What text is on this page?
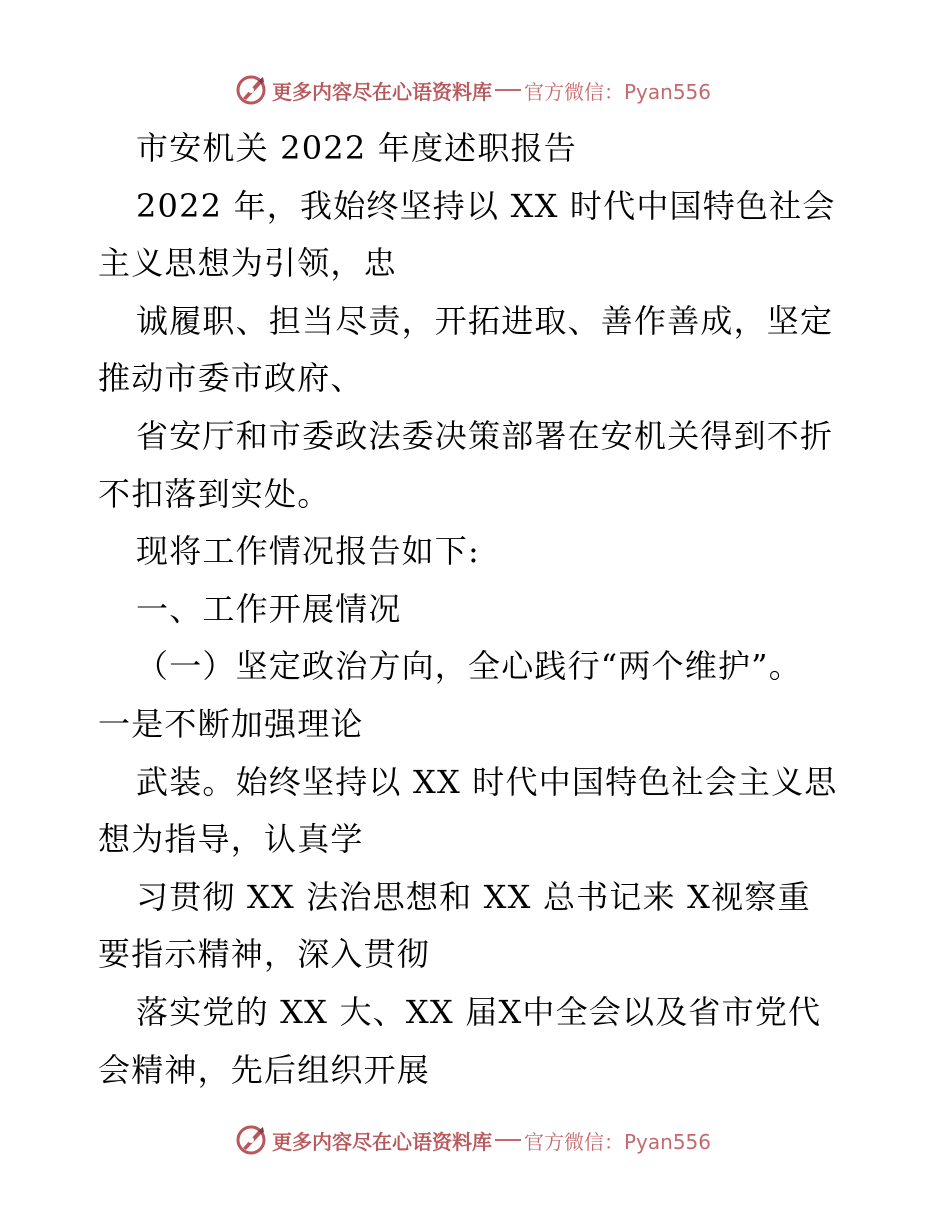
更多内容尽在心语资料库 官方微信：Pyan556
市安机关 2022 年度述职报告
2022 年，我始终坚持以 XX 时代中国特色社会
主义思想为引领，忠
诚履职、担当尽责，开拓进取、善作善成，坚定
推动市委市政府、
省安厅和市委政法委决策部署在安机关得到不折
不扣落到实处。
现将工作情况报告如下:
一、工作开展情况
（一）坚定政治方向，全心践行“两个维护”。
一是不断加强理论
武装。始终坚持以 XX 时代中国特色社会主义思
想为指导，认真学
习贯彻 XX 法治思想和 XX 总书记来 X视察重
要指示精神，深入贯彻
落实党的 XX 大、XX 届X中全会以及省市党代
会精神，先后组织开展
更多内容尽在心语资料库 官方微信：Pyan556
